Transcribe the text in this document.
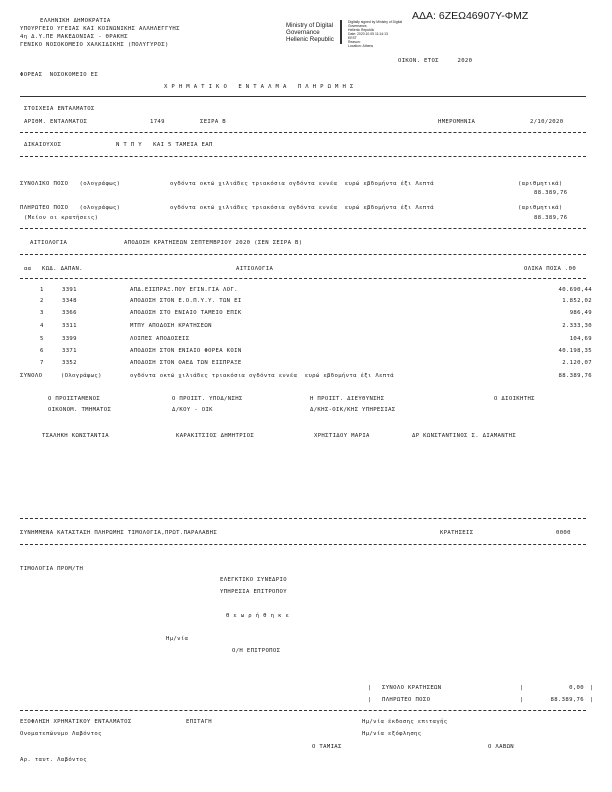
ΑΔΑ: 6ΖΕΩ46907Υ-ΦΜΖ
ΕΛΛΗΝΙΚΗ ΔΗΜΟΚΡΑΤΙΑ
ΥΠΟΥΡΓΕΙΟ ΥΓΕΙΑΣ ΚΑΙ ΚΟΙΝΩΝΙΚΗΣ ΑΛΛΗΛΕΓΓΥΗΣ
4η Δ.Υ.ΠΕ ΜΑΚΕΔΟΝΙΑΣ - ΘΡΑΚΗΣ
ΓΕΝΙΚΟ ΝΟΣΟΚΟΜΕΙΟ ΧΑΛΚΙΔΙΚΗΣ (ΠΟΛΥΓΥΡΟΣ)
Ministry of Digital
Governance
Hellenic Republic
Digitally signed by Ministry of Digital
Governance,
Hellenic Republic
Date: 2020.10.05 11:14:13
EEST
Reason:
Location: Athens
ΟΙΚΟΝ. ΕΤΟΣ     2020
ΦΟΡΕΑΣ  ΝΟΣΟΚΟΜΕΙΟ ΕΣ
Χ Ρ Η Μ Α Τ Ι Κ Ο   Ε Ν Τ Α Λ Μ Α   Π Λ Η Ρ Ω Μ Η Σ
ΣΤΟΙΧΕΙΑ ΕΝΤΑΛΜΑΤΟΣ
ΑΡΙΘΜ. ΕΝΤΑΛΜΑΤΟΣ	1749	ΣΕΙΡΑ Β	ΗΜΕΡΟΜΗΝΙΑ	2/10/2020
ΔΙΚΑΙΟΥΧΟΣ	Ν Τ Π Υ   ΚΑΙ 5 ΤΑΜΕΙΑ ΕΑΠ
ΣΥΝΟΛΙΚΟ ΠΟΣΟ   (ολογράφως)	ογδόντα οκτώ χιλιάδες τριακόσια ογδόντα εννέα  ευρώ εβδομήντα έξι Λεπτά	(αριθμητικά)
88.389,76
ΠΛΗΡΩΤΕΟ ΠΟΣΟ   (ολογράφως)	ογδόντα οκτώ χιλιάδες τριακόσια ογδόντα εννέα  ευρώ εβδομήντα έξι Λεπτά	(αριθμητικά)
(Μείον οι κρατήσεις)	88.389,76
ΑΙΤΙΟΛΟΓΙΑ	ΑΠΟΔΟΣΗ ΚΡΑΤΗΣΕΩΝ ΣΕΠΤΕΜΒΡΙΟΥ 2020 (ΣΕΝ ΣΕΙΡΑ Β)
αα ΚΩΔ. ΔΑΠΑΝ.	ΑΙΤΙΟΛΟΓΙΑ	ΟΛΙΚΑ ΠΟΣΑ .00
1	3391	ΑΠΔ.ΕΙΣΠΡΑΞ.ΠΟΥ ΕΓΙΝ.ΓΙΑ ΛΟΓ.	40.690,44
2	3348	ΑΠΟΔΟΣΗ ΣΤΟΝ Ε.Ο.Π.Υ.Υ. ΤΩΝ ΕΙ	1.852,02
3	3366	ΑΠΟΔΟΣΗ ΣΤΟ ΕΝΙΑΙΟ ΤΑΜΕΙΟ ΕΠΙΚ	986,49
4	3311	ΜΤΠΥ ΑΠΟΔΟΣΗ ΚΡΑΤΗΣΕΩΝ	2.333,30
5	3399	ΛΟΙΠΕΣ ΑΠΟΔΟΣΕΙΣ	104,69
6	3371	ΑΠΟΔΟΣΗ ΣΤΟΝ ΕΝΙΑΙΟ ΦΟΡΕΑ ΚΟΙΝ	40.198,35
7	3352	ΑΠΟΔΟΣΗ ΣΤΟΝ ΟΑΕΔ ΤΩΝ ΕΙΣΠΡΑΞΕ	2.120,07
ΣΥΝΟΛΟ     (Ολογράφως)	ογδόντα οκτώ χιλιάδες τριακόσια ογδόντα εννέα  ευρώ εβδομήντα έξι Λεπτά	88.389,76
Ο ΠΡΟΙΣΤΑΜΕΝΟΣ
ΟΙΚΟΝΟΜ. ΤΜΗΜΑΤΟΣ
Ο ΠΡΟΙΣΤ. ΥΠΟΔ/ΝΣΗΣ
Δ/ΚΟΥ - ΟΙΚ
Η ΠΡΟΙΣΤ. ΔΙΕΥΘΥΝΣΗΣ
Δ/ΚΗΣ-ΟΙΚ/ΚΗΣ ΥΠΗΡΕΣΙΑΣ
Ο ΔΙΟΙΚΗΤΗΣ
ΤΣΑΛΗΚΗ ΚΩΝΣΤΑΝΤΙΑ	ΚΑΡΑΚΙΤΣΙΟΣ ΔΗΜΗΤΡΙΟΣ	ΧΡΗΣΤΙΔΟΥ ΜΑΡΙΑ	ΔΡ ΚΩΝΣΤΑΝΤΙΝΟΣ Σ. ΔΙΑΜΑΝΤΗΣ
ΣΥΝΗΜΜΕΝΑ ΚΑΤΑΣΤΑΣΗ ΠΛΗΡΩΜΗΣ ΤΙΜΟΛΟΓΙΑ,ΠΡΩΤ.ΠΑΡΑΛΑΒΗΣ	ΚΡΑΤΗΣΕΙΣ	0000
ΤΙΜΟΛΟΓΙΑ ΠΡΟΜ/ΤΗ
ΕΛΕΓΚΤΙΚΟ ΣΥΝΕΔΡΙΟ
ΥΠΗΡΕΣΙΑ ΕΠΙΤΡΟΠΟΥ
Θ ε ω ρ ή θ η κ ε
Ημ/νία
Ο/Η ΕΠΙΤΡΟΠΟΣ
| ΣΥΝΟΛΟ ΚΡΑΤΗΣΕΩΝ	|	0,00 |
| ΠΛΗΡΩΤΕΟ ΠΟΣΟ	|	88.389,76 |
ΕΞΟΦΛΗΣΗ ΧΡΗΜΑΤΙΚΟΥ ΕΝΤΑΛΜΑΤΟΣ	ΕΠΙΤΑΓΗ	Ημ/νία έκδοσης επιταγής
Ονοματεπώνυμο Λαβόντος	Ημ/νία εξόφλησης
Ο ΤΑΜΙΑΣ	Ο ΛΑΒΩΝ
Αρ. ταυτ. Λαβόντος
